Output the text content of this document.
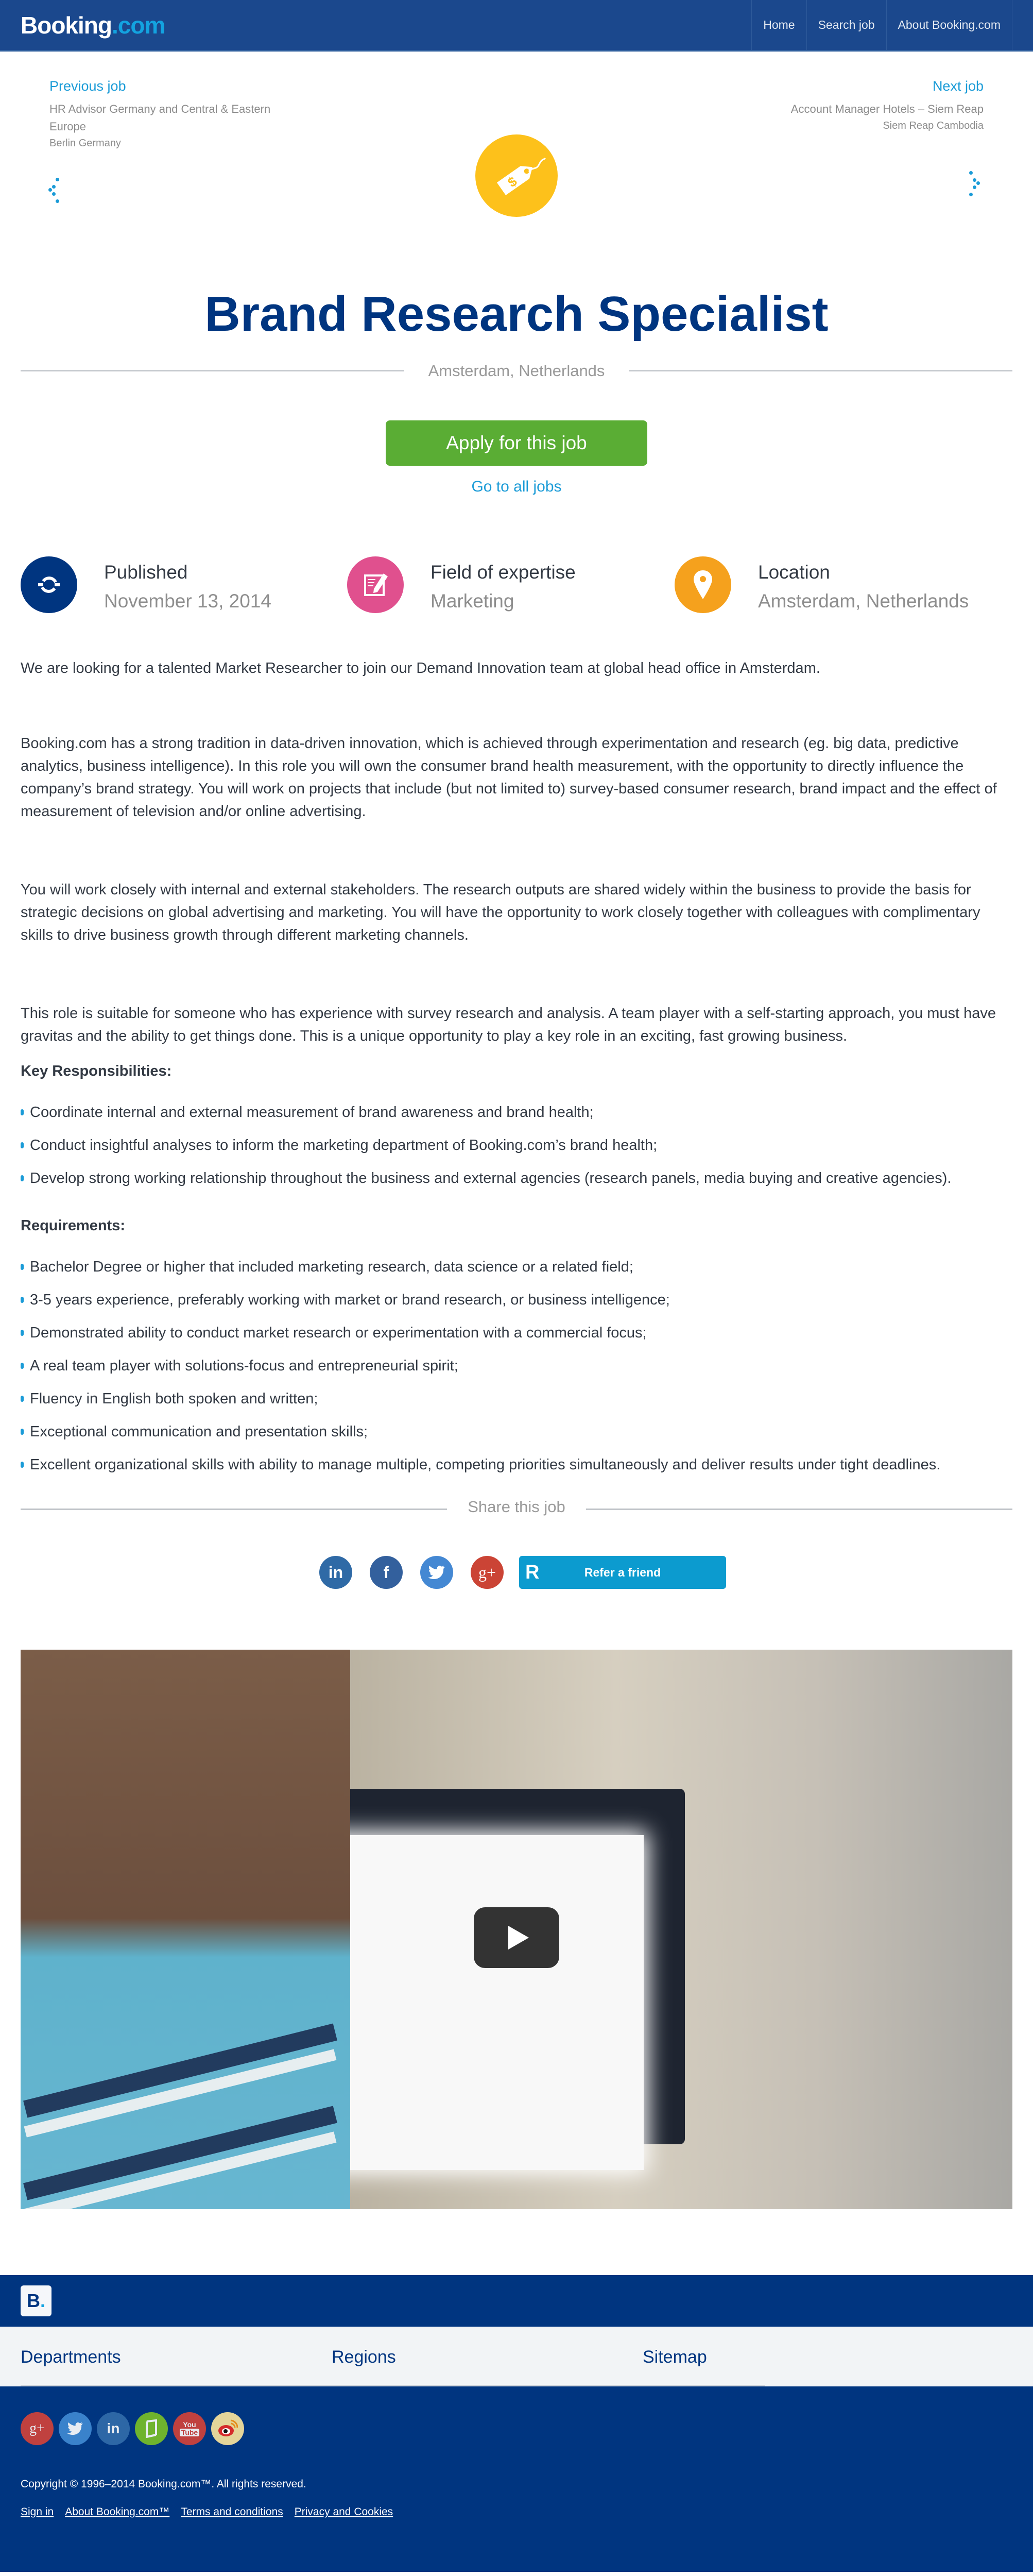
Booking.com	Home	Search job	About Booking.com
Previous job
HR Advisor Germany and Central & Eastern
Europe
Berlin Germany
$
Next job
Account Manager Hotels – Siem Reap
Siem Reap Cambodia
Brand Research Specialist
Amsterdam, Netherlands
Apply for this job
Go to all jobs
Published
November 13, 2014
Field of expertise
Marketing
Location
Amsterdam, Netherlands

We are looking for a talented Market Researcher to join our Demand Innovation team at global head office in Amsterdam.

Booking.com has a strong tradition in data-driven innovation, which is achieved through experimentation and research (eg. big data, predictive analytics, business intelligence). In this role you will own the consumer brand health measurement, with the opportunity to directly influence the company’s brand strategy. You will work on projects that include (but not limited to) survey-based consumer research, brand impact and the effect of measurement of television and/or online advertising.

You will work closely with internal and external stakeholders. The research outputs are shared widely within the business to provide the basis for strategic decisions on global advertising and marketing. You will have the opportunity to work closely together with colleagues with complimentary skills to drive business growth through different marketing channels.

This role is suitable for someone who has experience with survey research and analysis. A team player with a self-starting approach, you must have gravitas and the ability to get things done. This is a unique opportunity to play a key role in an exciting, fast growing business.

Key Responsibilities:
Coordinate internal and external measurement of brand awareness and brand health;
Conduct insightful analyses to inform the marketing department of Booking.com’s brand health;
Develop strong working relationship throughout the business and external agencies (research panels, media buying and creative agencies).
Requirements:
Bachelor Degree or higher that included marketing research, data science or a related field;
3-5 years experience, preferably working with market or brand research, or business intelligence;
Demonstrated ability to conduct market research or experimentation with a commercial focus;
A real team player with solutions-focus and entrepreneurial spirit;
Fluency in English both spoken and written;
Exceptional communication and presentation skills;
Excellent organizational skills with ability to manage multiple, competing priorities simultaneously and deliver results under tight deadlines.
Share this job
in	f	g+	R	Refer a friend
B .
Departments	Regions	Sitemap
g+	in	You
Tube
Copyright © 1996–2014 Booking.com™. All rights reserved.
Sign in About Booking.com™ Terms and conditions Privacy and Cookies
